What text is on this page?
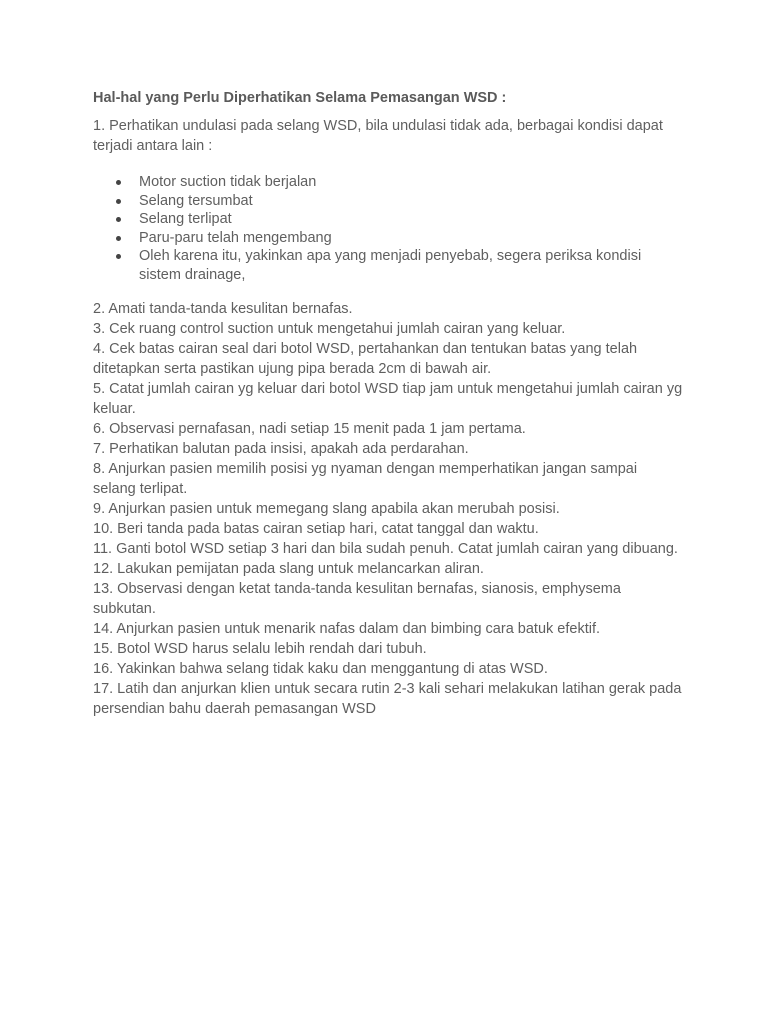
Hal-hal yang Perlu Diperhatikan Selama Pemasangan WSD :

1. Perhatikan undulasi pada selang WSD, bila undulasi tidak ada, berbagai kondisi dapat terjadi antara lain :

Motor suction tidak berjalan
Selang tersumbat
Selang terlipat
Paru-paru telah mengembang
Oleh karena itu, yakinkan apa yang menjadi penyebab, segera periksa kondisi sistem drainage,
2. Amati tanda-tanda kesulitan bernafas.
3. Cek ruang control suction untuk mengetahui jumlah cairan yang keluar.
4. Cek batas cairan seal dari botol WSD, pertahankan dan tentukan batas yang telah ditetapkan serta pastikan ujung pipa berada 2cm di bawah air.
5. Catat jumlah cairan yg keluar dari botol WSD tiap jam untuk mengetahui jumlah cairan yg keluar.
6. Observasi pernafasan, nadi setiap 15 menit pada 1 jam pertama.
7. Perhatikan balutan pada insisi, apakah ada perdarahan.
8. Anjurkan pasien memilih posisi yg nyaman dengan memperhatikan jangan sampai selang terlipat.
9. Anjurkan pasien untuk memegang slang apabila akan merubah posisi.
10. Beri tanda pada batas cairan setiap hari, catat tanggal dan waktu.
11. Ganti botol WSD setiap 3 hari dan bila sudah penuh. Catat jumlah cairan yang dibuang.
12. Lakukan pemijatan pada slang untuk melancarkan aliran.
13. Observasi dengan ketat tanda-tanda kesulitan bernafas, sianosis, emphysema subkutan.
14. Anjurkan pasien untuk menarik nafas dalam dan bimbing cara batuk efektif.
15. Botol WSD harus selalu lebih rendah dari tubuh.
16. Yakinkan bahwa selang tidak kaku dan menggantung di atas WSD.
17. Latih dan anjurkan klien untuk secara rutin 2-3 kali sehari melakukan latihan gerak pada persendian bahu daerah pemasangan WSD
